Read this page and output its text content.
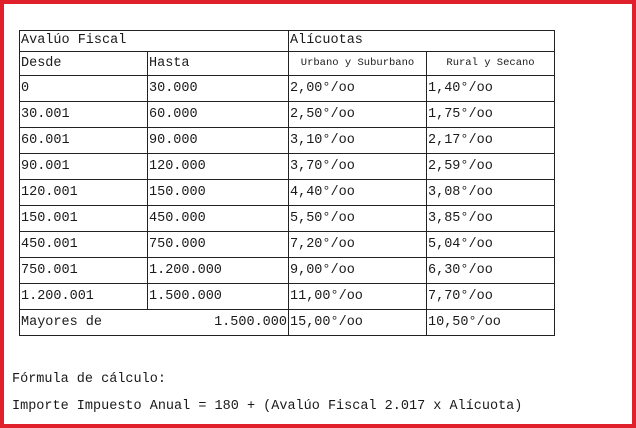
Avalúo Fiscal		Alícuotas	
Desde	Hasta	Urbano y Suburbano	Rural y Secano
0	30.000	2,00°/oo	1,40°/oo
30.001	60.000	2,50°/oo	1,75°/oo
60.001	90.000	3,10°/oo	2,17°/oo
90.001	120.000	3,70°/oo	2,59°/oo
120.001	150.000	4,40°/oo	3,08°/oo
150.001	450.000	5,50°/oo	3,85°/oo
450.001	750.000	7,20°/oo	5,04°/oo
750.001	1.200.000	9,00°/oo	6,30°/oo
1.200.001	1.500.000	11,00°/oo	7,70°/oo
Mayores de	1.500.000	15,00°/oo	10,50°/oo
Fórmula de cálculo:
Importe Impuesto Anual = 180 + (Avalúo Fiscal 2.017 x Alícuota)
